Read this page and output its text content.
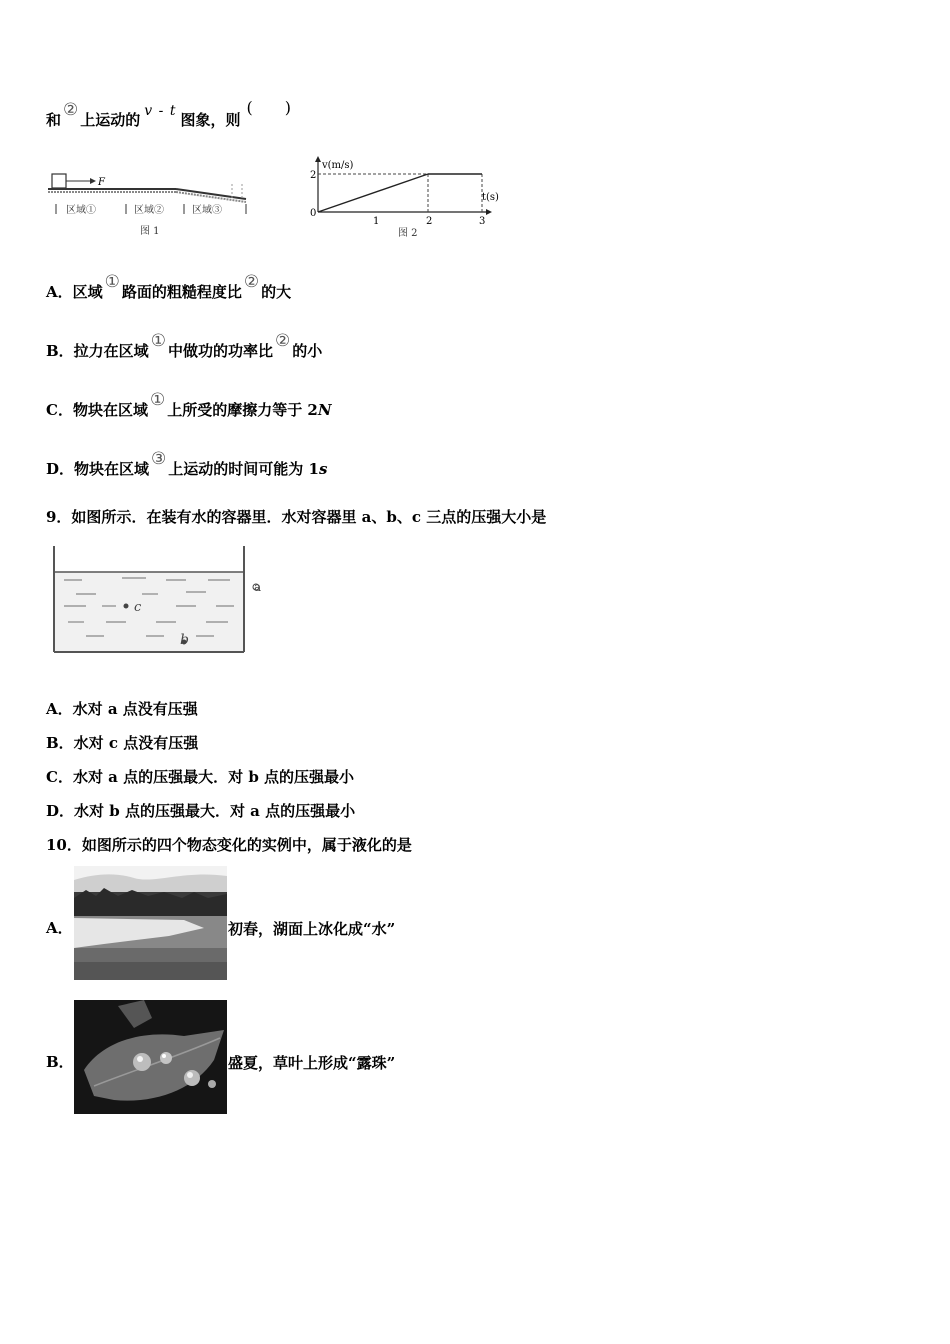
和 ② 上运动的 v - t 图象，则(　　)
F
区域①	区域②	区域③
图 1
v(m/s)
t(s)
0
2
1	2	3
图 2
A．区域 ① 路面的粗糙程度比 ② 的大
B．拉力在区域 ① 中做功的功率比 ② 的小
C．物块在区域 ① 上所受的摩擦力等于 2N
D．物块在区域 ③ 上运动的时间可能为 1s
9．如图所示．在装有水的容器里．水对容器里 a、b、c 三点的压强大小是
c
b
a
A．水对 a 点没有压强
B．水对 c 点没有压强
C．水对 a 点的压强最大．对 b 点的压强最小
D．水对 b 点的压强最大．对 a 点的压强最小
10．如图所示的四个物态变化的实例中，属于液化的是
A．	初春，湖面上冰化成“水”
B．	盛夏，草叶上形成“露珠”
